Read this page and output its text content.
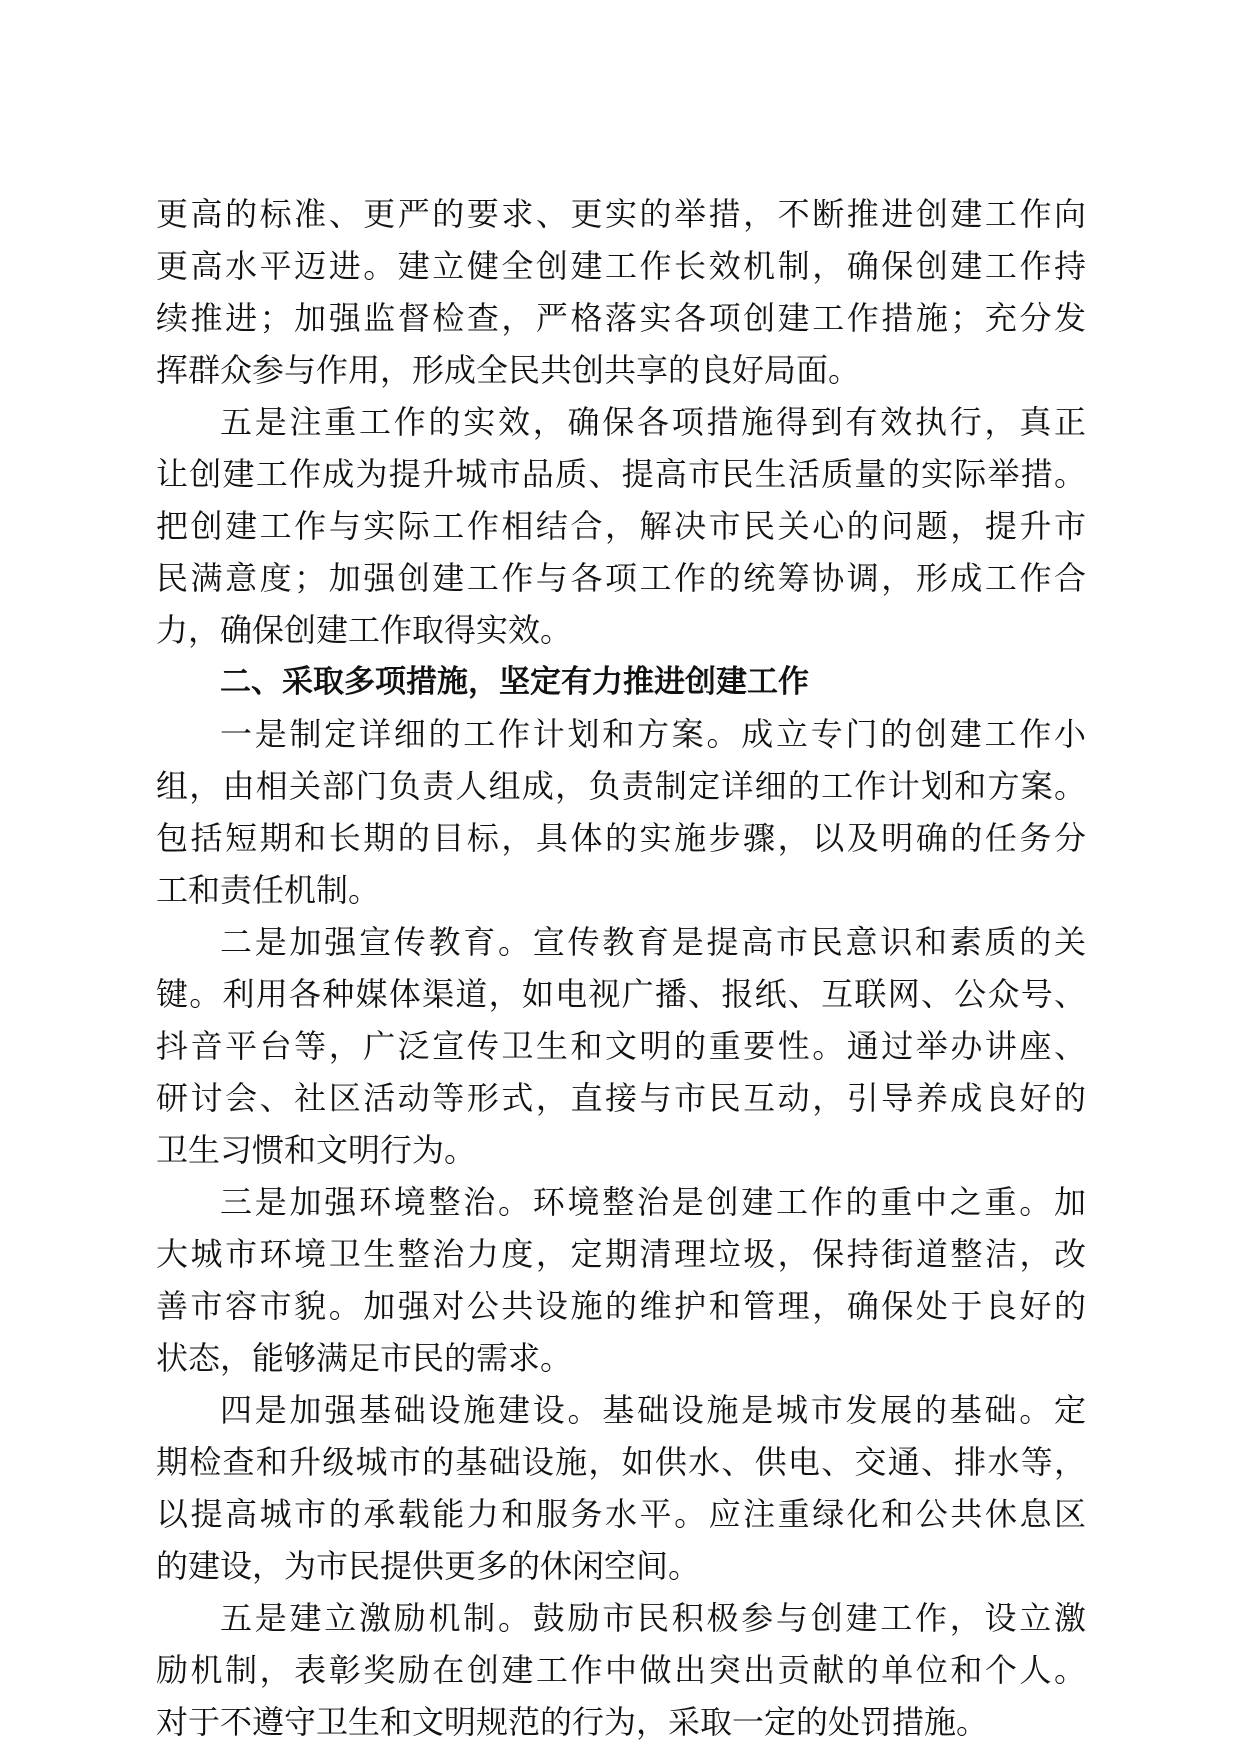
更高的标准、更严的要求、更实的举措，不断推进创建工作向
更高水平迈进。建立健全创建工作长效机制，确保创建工作持
续推进；加强监督检查，严格落实各项创建工作措施；充分发
挥群众参与作用，形成全民共创共享的良好局面。
五是注重工作的实效，确保各项措施得到有效执行，真正
让创建工作成为提升城市品质、提高市民生活质量的实际举措。
把创建工作与实际工作相结合，解决市民关心的问题，提升市
民满意度；加强创建工作与各项工作的统筹协调，形成工作合
力，确保创建工作取得实效。
二、采取多项措施，坚定有力推进创建工作
一是制定详细的工作计划和方案。成立专门的创建工作小
组，由相关部门负责人组成，负责制定详细的工作计划和方案。
包括短期和长期的目标，具体的实施步骤，以及明确的任务分
工和责任机制。
二是加强宣传教育。宣传教育是提高市民意识和素质的关
键。利用各种媒体渠道，如电视广播、报纸、互联网、公众号、
抖音平台等，广泛宣传卫生和文明的重要性。通过举办讲座、
研讨会、社区活动等形式，直接与市民互动，引导养成良好的
卫生习惯和文明行为。
三是加强环境整治。环境整治是创建工作的重中之重。加
大城市环境卫生整治力度，定期清理垃圾，保持街道整洁，改
善市容市貌。加强对公共设施的维护和管理，确保处于良好的
状态，能够满足市民的需求。
四是加强基础设施建设。基础设施是城市发展的基础。定
期检查和升级城市的基础设施，如供水、供电、交通、排水等，
以提高城市的承载能力和服务水平。应注重绿化和公共休息区
的建设，为市民提供更多的休闲空间。
五是建立激励机制。鼓励市民积极参与创建工作，设立激
励机制，表彰奖励在创建工作中做出突出贡献的单位和个人。
对于不遵守卫生和文明规范的行为，采取一定的处罚措施。
